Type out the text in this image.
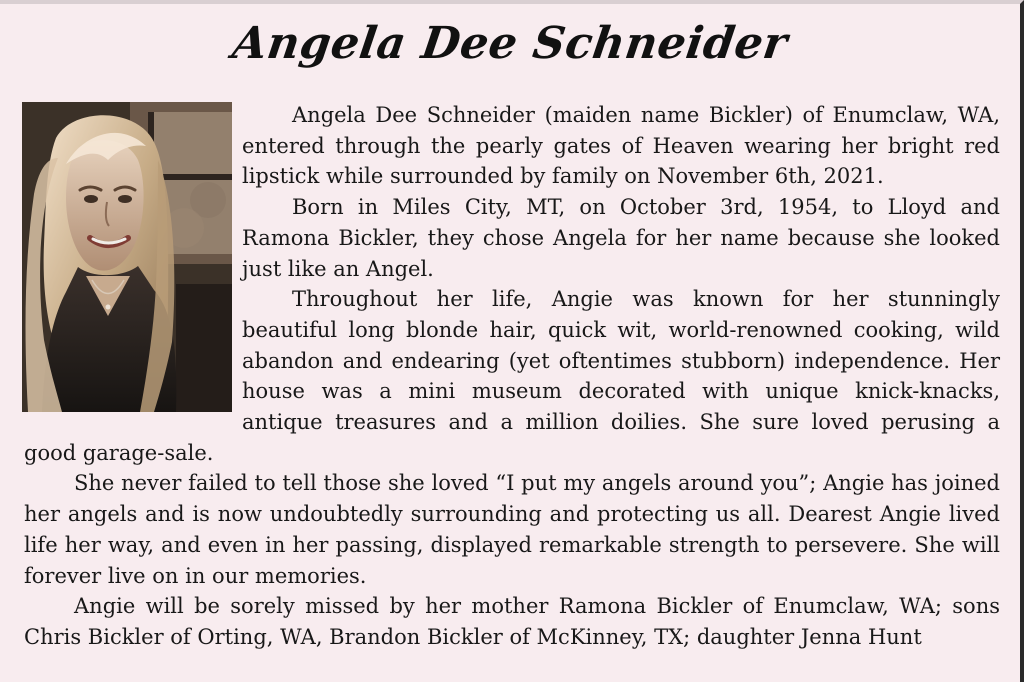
Angela Dee Schneider

Angela Dee Schneider (maiden name Bickler) of Enumclaw, WA, entered through the pearly gates of Heaven wearing her bright red lipstick while surrounded by family on November 6th, 2021.

Born in Miles City, MT, on October 3rd, 1954, to Lloyd and Ramona Bickler, they chose Angela for her name because she looked just like an Angel.

Throughout her life, Angie was known for her stunningly beautiful long blonde hair, quick wit, world-renowned cooking, wild abandon and endearing (yet oftentimes stubborn) independence. Her house was a mini museum decorated with unique knick-knacks, antique treasures and a million doilies. She sure loved perusing a good garage-sale.

She never failed to tell those she loved “I put my angels around you”; Angie has joined her angels and is now undoubtedly surrounding and protecting us all. Dearest Angie lived life her way, and even in her passing, displayed remarkable strength to persevere. She will forever live on in our memories.

Angie will be sorely missed by her mother Ramona Bickler of Enumclaw, WA; sons Chris Bickler of Orting, WA, Brandon Bickler of McKinney, TX; daughter Jenna Hunt
